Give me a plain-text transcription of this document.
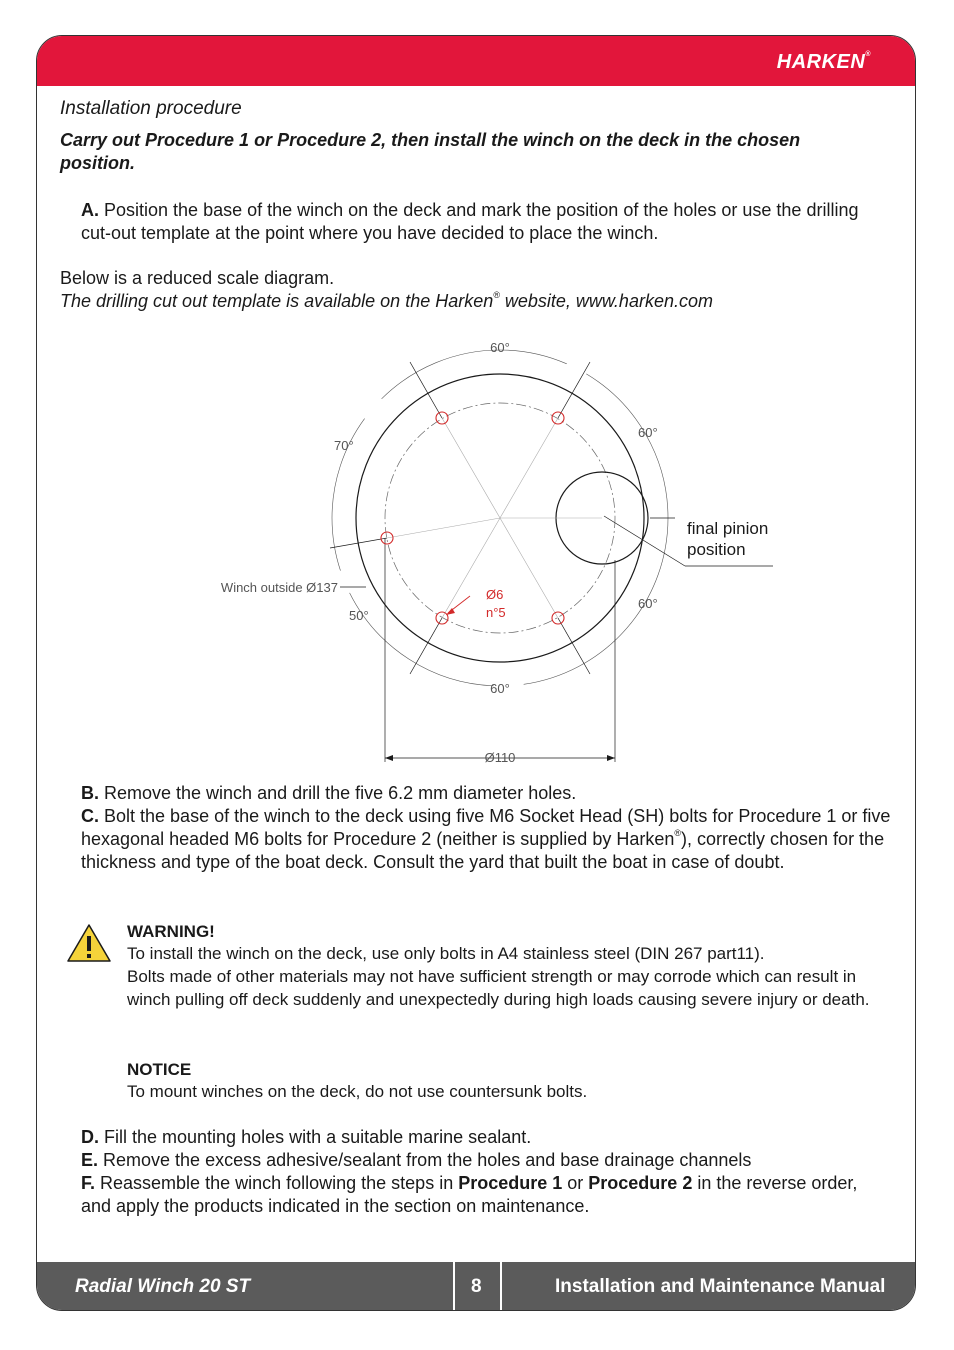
HARKEN®
Radial Winch 20 ST	8	Installation and Maintenance Manual

Installation procedure

Carry out Procedure 1 or Procedure 2, then install the winch on the deck in the chosen position.

A. Position the base of the winch on the deck and mark the position of the holes or use the drilling cut-out template at the point where you have decided to place the winch.

Below is a reduced scale diagram.

The drilling cut out template is available on the Harken® website, www.harken.com

60°
60°
70°
50°
60°
60°
Winch outside Ø137
Ø110
Ø6
n°5
final pinion
position

B. Remove the winch and drill the five 6.2 mm diameter holes.

C. Bolt the base of the winch to the deck using five M6 Socket Head (SH) bolts for Procedure 1 or five hexagonal headed M6 bolts for Procedure 2 (neither is supplied by Harken®), correctly chosen for the thickness and type of the boat deck. Consult the yard that built the boat in case of doubt.

WARNING!

To install the winch on the deck, use only bolts in A4 stainless steel (DIN 267 part11).

Bolts made of other materials may not have sufficient strength or may corrode which can result in winch pulling off deck suddenly and unexpectedly during high loads causing severe injury or death.

NOTICE

To mount winches on the deck, do not use countersunk bolts.

D. Fill the mounting holes with a suitable marine sealant.

E. Remove the excess adhesive/sealant from the holes and base drainage channels

F. Reassemble the winch following the steps in Procedure 1 or Procedure 2 in the reverse order, and apply the products indicated in the section on maintenance.
